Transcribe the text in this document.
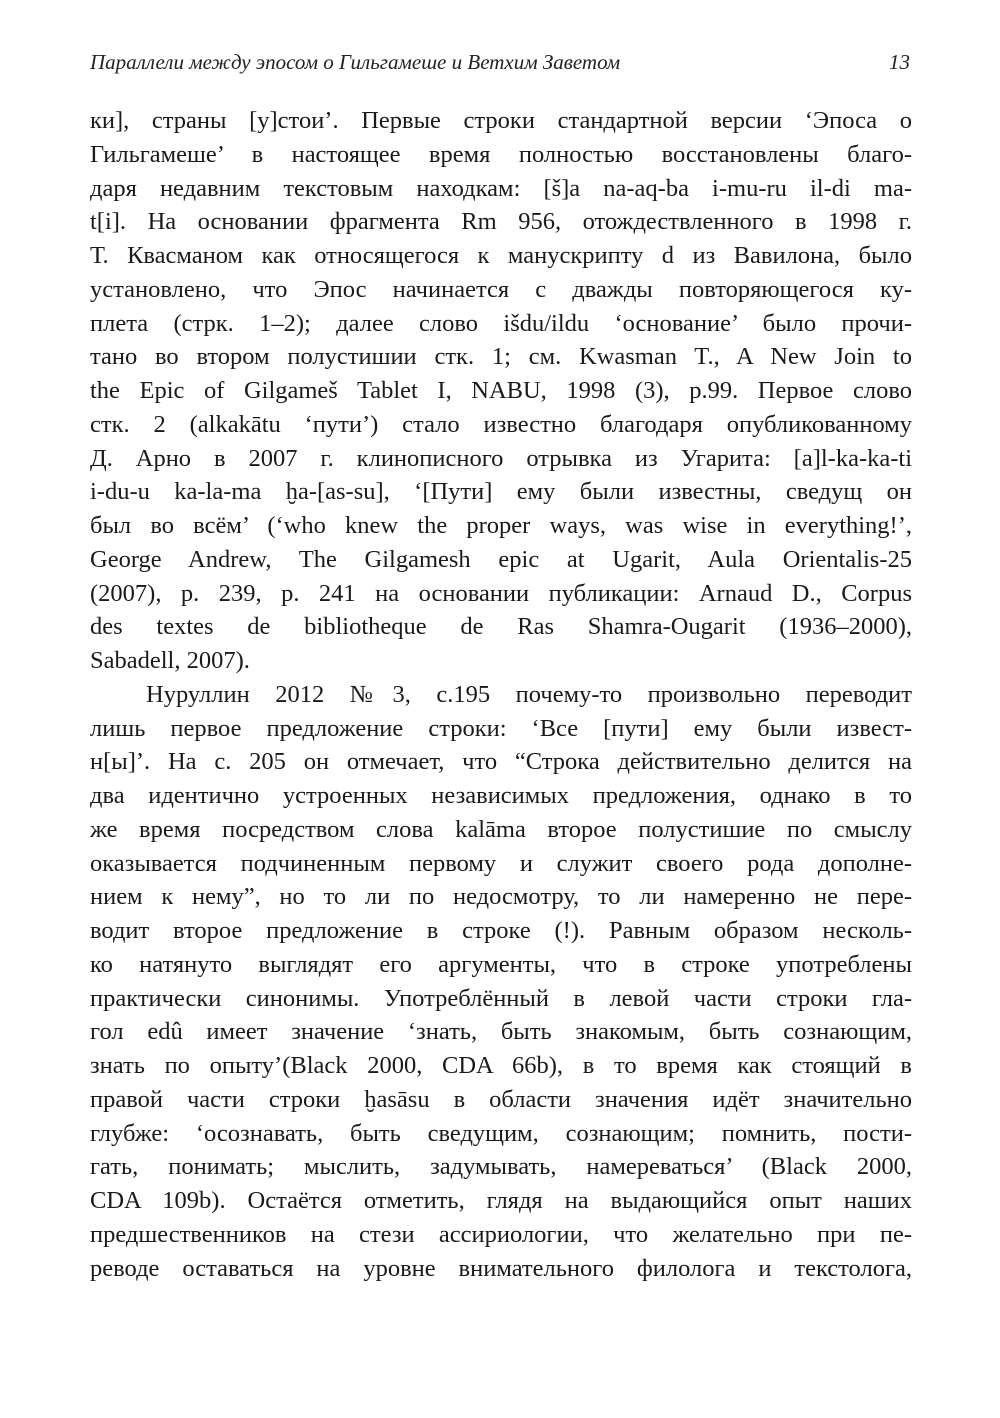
Параллели между эпосом о Гильгамеше и Ветхим Заветом	13
ки], страны [у]стои’. Первые строки стандартной версии ‘Эпоса о
Гильгамеше’ в настоящее время полностью восстановлены благо-
даря недавним текстовым находкам: [š]a na-aq-ba i-mu-ru il-di ma-
t[i]. На основании фрагмента Rm 956, отождествленного в 1998 г.
Т. Квасманом как относящегося к манускрипту d из Вавилона, было
установлено, что Эпос начинается с дважды повторяющегося ку-
плета (стрк. 1–2); далее слово išdu/ildu ‘основание’ было прочи-
тано во втором полустишии стк. 1; см. Kwasman T., A New Join to
the Epic of Gilgameš Tablet I, NABU, 1998 (3), p.99. Первое слово
стк. 2 (alkakātu ‘пути’) стало известно благодаря опубликованному
Д. Арно в 2007 г. клинописного отрывка из Угарита: [a]l-ka-ka-ti
i-du-u ka-la-ma ḫa-[as-su], ‘[Пути] ему были известны, сведущ он
был во всём’ (‘who knew the proper ways, was wise in everything!’,
George Andrew, The Gilgamesh epic at Ugarit, Aula Orientalis-25
(2007), p. 239, p. 241 на основании публикации: Arnaud D., Corpus
des textes de bibliotheque de Ras Shamra-Ougarit (1936–2000),
Sabadell, 2007).
Нуруллин 2012 №3, с.195 почему-то произвольно переводит
лишь первое предложение строки: ‘Все [пути] ему были извест-
н[ы]’. На с. 205 он отмечает, что “Строка действительно делится на
два идентично устроенных независимых предложения, однако в то
же время посредством слова kalāma второе полустишие по смыслу
оказывается подчиненным первому и служит своего рода дополне-
нием к нему”, но то ли по недосмотру, то ли намеренно не пере-
водит второе предложение в строке (!). Равным образом несколь-
ко натянуто выглядят его аргументы, что в строке употреблены
практически синонимы. Употреблённый в левой части строки гла-
гол edû имеет значение ‘знать, быть знакомым, быть сознающим,
знать по опыту’(Black 2000, CDA 66b), в то время как стоящий в
правой части строки ḫasāsu в области значения идёт значительно
глубже: ‘осознавать, быть сведущим, сознающим; помнить, пости-
гать, понимать; мыслить, задумывать, намереваться’ (Black 2000,
CDA 109b). Остаётся отметить, глядя на выдающийся опыт наших
предшественников на стези ассириологии, что желательно при пе-
реводе оставаться на уровне внимательного филолога и текстолога,
